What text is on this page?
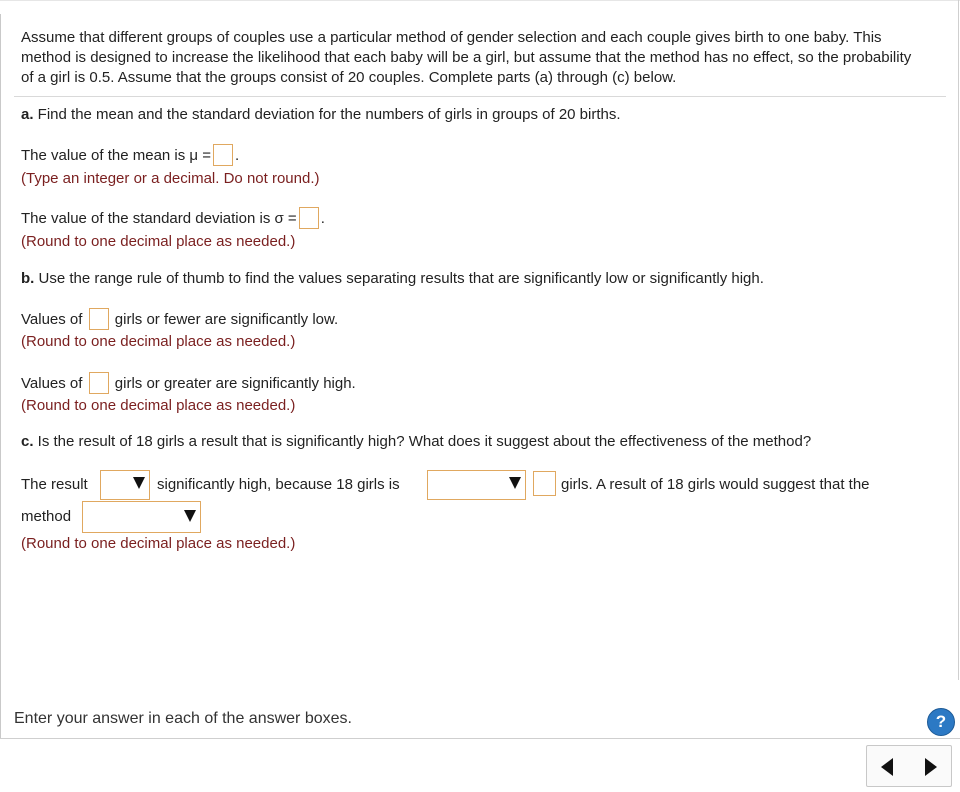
Assume that different groups of couples use a particular method of gender selection and each couple gives birth to one baby. This method is designed to increase the likelihood that each baby will be a girl, but assume that the method has no effect, so the probability of a girl is 0.5. Assume that the groups consist of 20 couples. Complete parts (a) through (c) below.
a. Find the mean and the standard deviation for the numbers of girls in groups of 20 births.
The value of the mean is μ = .
(Type an integer or a decimal. Do not round.)
The value of the standard deviation is σ = .
(Round to one decimal place as needed.)
b. Use the range rule of thumb to find the values separating results that are significantly low or significantly high.
Values of girls or fewer are significantly low.
(Round to one decimal place as needed.)
Values of girls or greater are significantly high.
(Round to one decimal place as needed.)
c. Is the result of 18 girls a result that is significantly high? What does it suggest about the effectiveness of the method?
The result	significantly high, because 18 girls is	girls. A result of 18 girls would suggest that the
method
(Round to one decimal place as needed.)
Enter your answer in each of the answer boxes.	?
